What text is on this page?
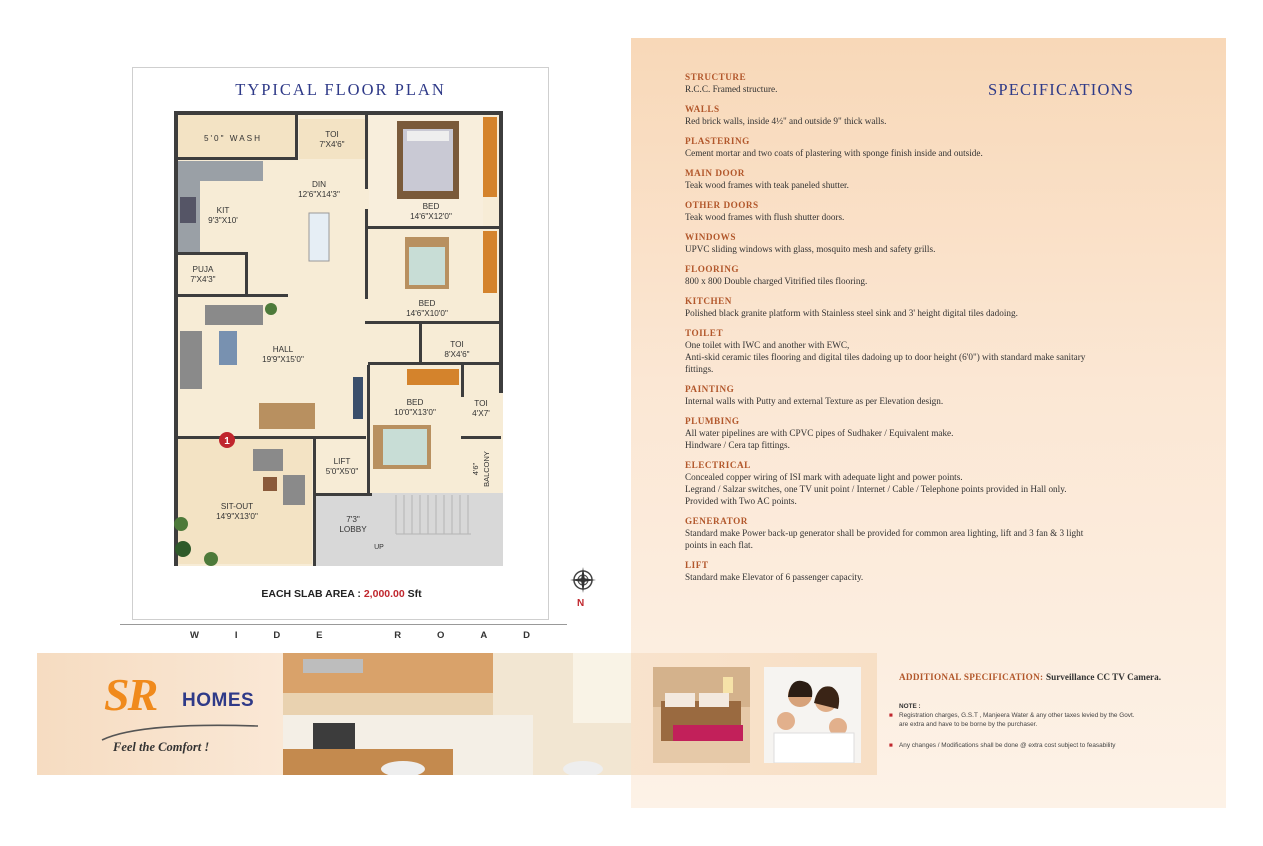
TYPICAL FLOOR PLAN
1
5'0" WASH	TOI
7'X4'6"
DIN
12'6"X14'3"
BED
14'6"X12'0"
KIT
9'3"X10'
PUJA
7'X4'3"
BED
14'6"X10'0"
TOI
8'X4'6"
HALL
19'9"X15'0"
BED
10'0"X13'0"
TOI
4'X7'
LIFT
5'0"X5'0"
SIT-OUT
14'9"X13'0"	7'3"
LOBBY
UP
4'6" BALCONY
EACH SLAB AREA : 2,000.00 Sft
W	I	D	E	R	O	A	D
N
SPECIFICATIONS
STRUCTURE
R.C.C. Framed structure.
WALLS
Red brick walls, inside 4½" and outside 9" thick walls.
PLASTERING
Cement mortar and two coats of plastering with sponge finish inside and outside.
MAIN DOOR
Teak wood frames with teak paneled shutter.
OTHER DOORS
Teak wood frames with flush shutter doors.
WINDOWS
UPVC sliding windows with glass, mosquito mesh and safety grills.
FLOORING
800 x 800 Double charged Vitrified tiles flooring.
KITCHEN
Polished black granite platform with Stainless steel sink and 3' height digital tiles dadoing.
TOILET
One toilet with IWC and another with EWC,
Anti-skid ceramic tiles flooring and digital tiles dadoing up to door height (6'0") with standard make sanitary
fittings.
PAINTING
Internal walls with Putty and external Texture as per Elevation design.
PLUMBING
All water pipelines are with CPVC pipes of Sudhaker / Equivalent make.
Hindware / Cera tap fittings.
ELECTRICAL
Concealed copper wiring of ISI mark with adequate light and power points.
Legrand / Salzar switches, one TV unit point / Internet / Cable / Telephone points provided in Hall only.
Provided with Two AC points.
GENERATOR
Standard make Power back-up generator shall be provided for common area lighting, lift and 3 fan & 3 light
points in each flat.
LIFT
Standard make Elevator of 6 passenger capacity.
SR HOMES
Feel the Comfort !
ADDITIONAL SPECIFICATION: Surveillance CC TV Camera.
NOTE :
■ Registration charges, G.S.T , Manjeera Water & any other taxes levied by the Govt.
are extra and have to be borne by the purchaser.
■ Any changes / Modifications shall be done @ extra cost subject to feasability
